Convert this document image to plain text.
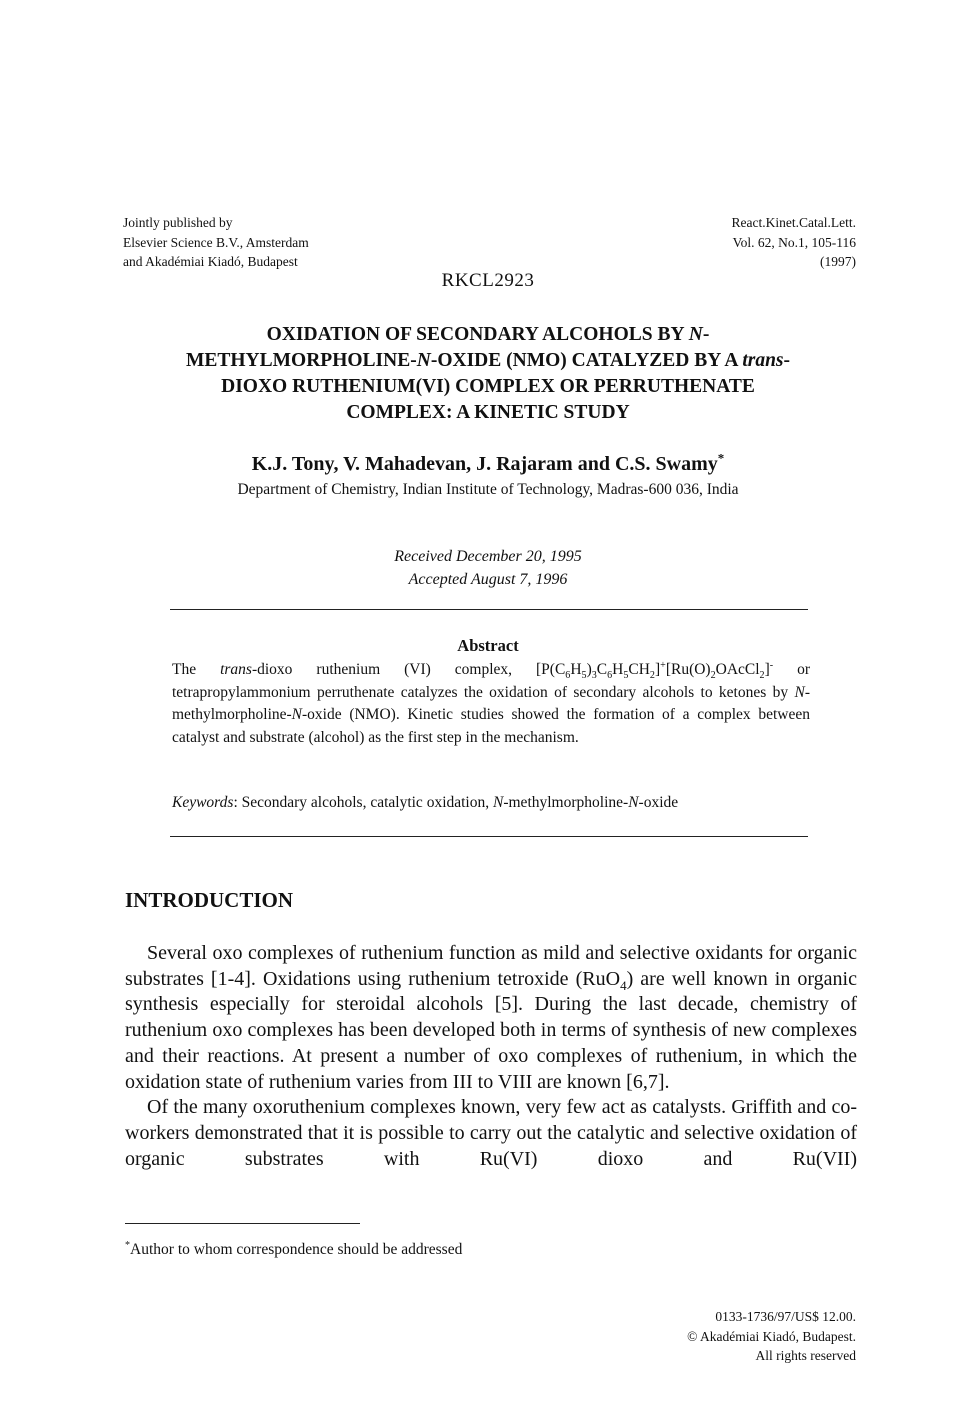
Jointly published by
Elsevier Science B.V., Amsterdam
and Akadémiai Kiadó, Budapest
React.Kinet.Catal.Lett.
Vol. 62, No.1, 105-116
(1997)
RKCL2923
OXIDATION OF SECONDARY ALCOHOLS BY N-
METHYLMORPHOLINE-N-OXIDE (NMO) CATALYZED BY A trans-
DIOXO RUTHENIUM(VI) COMPLEX OR PERRUTHENATE
COMPLEX: A KINETIC STUDY
K.J. Tony, V. Mahadevan, J. Rajaram and C.S. Swamy*
Department of Chemistry, Indian Institute of Technology, Madras-600 036, India
Received December 20, 1995
Accepted August 7, 1996
Abstract
The trans-dioxo ruthenium (VI) complex, $[P(C_6H_5)_3C_6H_5CH_2]^+[Ru(O)_2OAcCl_2]^-$ or tetrapropylammonium perruthenate catalyzes the oxidation of secondary alcohols to ketones by N-methylmorpholine-N-oxide (NMO). Kinetic studies showed the formation of a complex between catalyst and substrate (alcohol) as the first step in the mechanism.
Keywords: Secondary alcohols, catalytic oxidation, N-methylmorpholine-N-oxide
INTRODUCTION

Several oxo complexes of ruthenium function as mild and selective oxidants for organic substrates [1-4]. Oxidations using ruthenium tetroxide (RuO$_4$) are well known in organic synthesis especially for steroidal alcohols [5]. During the last decade, chemistry of ruthenium oxo complexes has been developed both in terms of synthesis of new complexes and their reactions. At present a number of oxo complexes of ruthenium, in which the oxidation state of ruthenium varies from III to VIII are known [6,7].

Of the many oxoruthenium complexes known, very few act as catalysts. Griffith and co-workers demonstrated that it is possible to carry out the catalytic and selective oxidation of organic substrates with Ru(VI) dioxo and Ru(VII)

*Author to whom correspondence should be addressed
0133-1736/97/US$ 12.00.
© Akadémiai Kiadó, Budapest.
All rights reserved
